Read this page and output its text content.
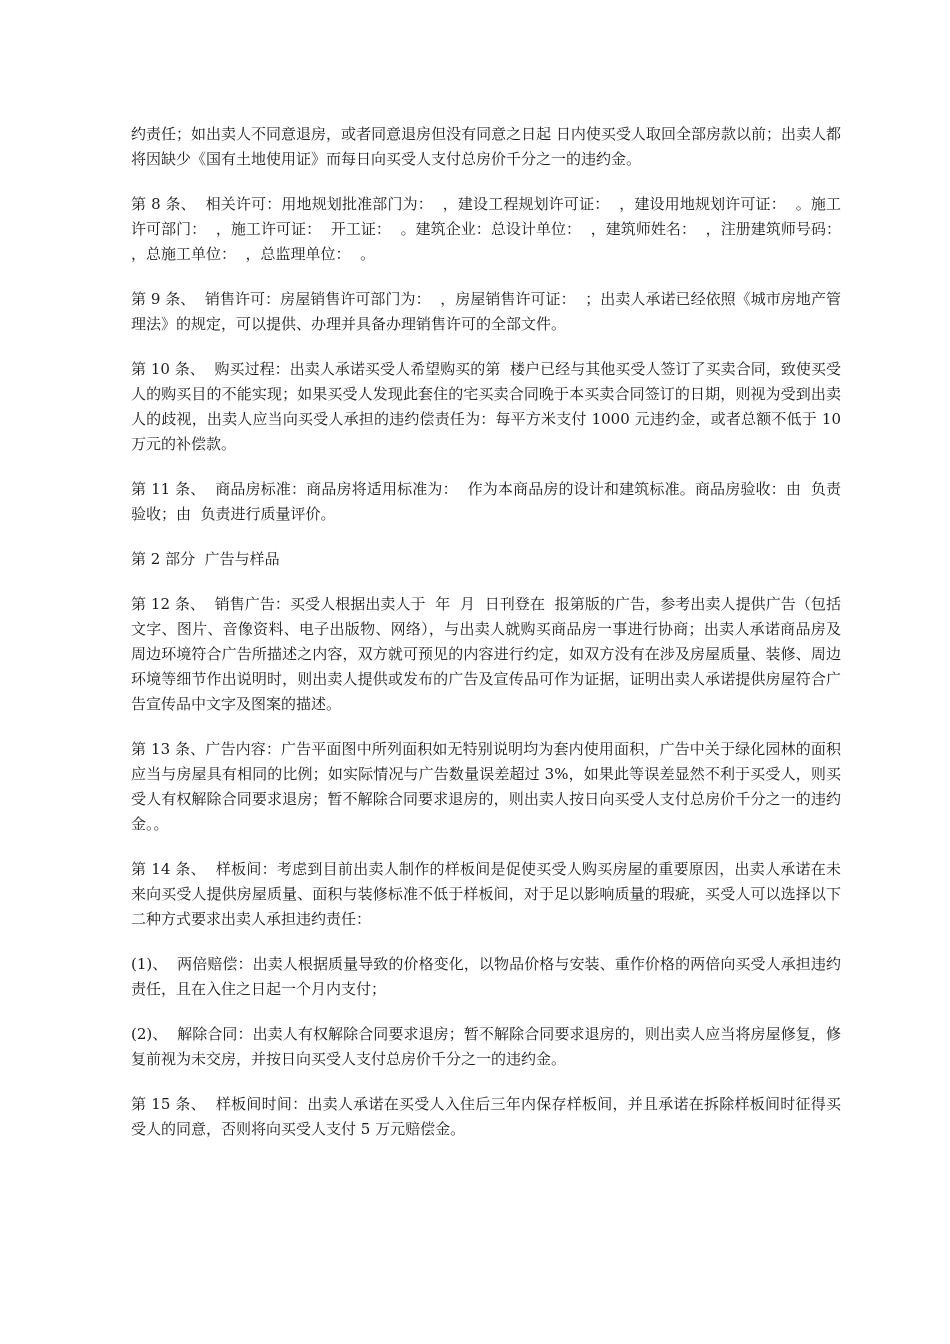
约责任；如出卖人不同意退房，或者同意退房但没有同意之日起 日内使买受人取回全部房款以前；出卖人都将因缺少《国有土地使用证》而每日向买受人支付总房价千分之一的违约金。

第 8 条、  相关许可：用地规划批准部门为：  ，建设工程规划许可证：  ，建设用地规划许可证：  。施工许可部门：  ，施工许可证：  开工证：  。建筑企业：总设计单位：  ，建筑师姓名：  ，注册建筑师号码：  ，总施工单位：  ，总监理单位：  。

第 9 条、  销售许可：房屋销售许可部门为：  ，房屋销售许可证：  ；出卖人承诺已经依照《城市房地产管理法》的规定，可以提供、办理并具备办理销售许可的全部文件。

第 10 条、  购买过程：出卖人承诺买受人希望购买的第  楼户已经与其他买受人签订了买卖合同，致使买受人的购买目的不能实现；如果买受人发现此套住的宅买卖合同晚于本买卖合同签订的日期，则视为受到出卖人的歧视，出卖人应当向买受人承担的违约偿责任为：每平方米支付 1000 元违约金，或者总额不低于 10 万元的补偿款。

第 11 条、  商品房标准：商品房将适用标准为：  作为本商品房的设计和建筑标准。商品房验收：由  负责验收；由  负责进行质量评价。

第 2 部分  广告与样品

第 12 条、  销售广告：买受人根据出卖人于  年  月  日刊登在  报第版的广告，参考出卖人提供广告（包括文字、图片、音像资料、电子出版物、网络），与出卖人就购买商品房一事进行协商；出卖人承诺商品房及周边环境符合广告所描述之内容，双方就可预见的内容进行约定，如双方没有在涉及房屋质量、装修、周边环境等细节作出说明时，则出卖人提供或发布的广告及宣传品可作为证据，证明出卖人承诺提供房屋符合广告宣传品中文字及图案的描述。

第 13 条、广告内容：广告平面图中所列面积如无特别说明均为套内使用面积，广告中关于绿化园林的面积应当与房屋具有相同的比例；如实际情况与广告数量误差超过 3%，如果此等误差显然不利于买受人，则买受人有权解除合同要求退房；暂不解除合同要求退房的，则出卖人按日向买受人支付总房价千分之一的违约金。。

第 14 条、  样板间：考虑到目前出卖人制作的样板间是促使买受人购买房屋的重要原因，出卖人承诺在未来向买受人提供房屋质量、面积与装修标准不低于样板间，对于足以影响质量的瑕疵，买受人可以选择以下二种方式要求出卖人承担违约责任：

(1)、  两倍赔偿：出卖人根据质量导致的价格变化，以物品价格与安装、重作价格的两倍向买受人承担违约责任，且在入住之日起一个月内支付；

(2)、  解除合同：出卖人有权解除合同要求退房；暂不解除合同要求退房的，则出卖人应当将房屋修复，修复前视为未交房，并按日向买受人支付总房价千分之一的违约金。

第 15 条、  样板间时间：出卖人承诺在买受人入住后三年内保存样板间，并且承诺在拆除样板间时征得买受人的同意，否则将向买受人支付 5 万元赔偿金。
